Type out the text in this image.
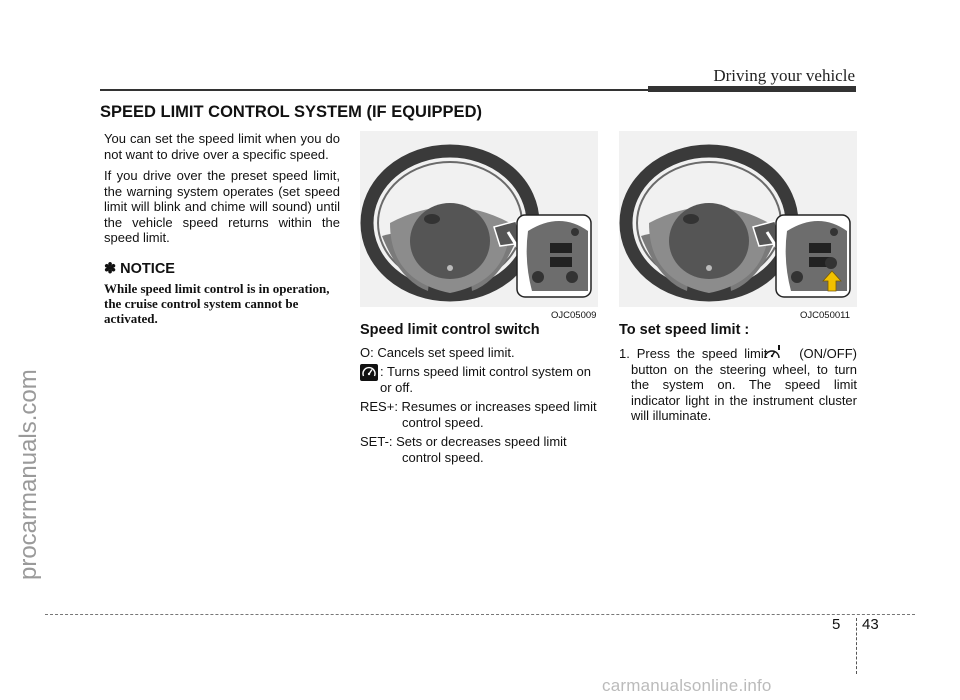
procarmanuals.com
Driving your vehicle
SPEED LIMIT CONTROL SYSTEM (IF EQUIPPED)

You can set the speed limit when you do not want to drive over a specific speed.

If you drive over the preset speed limit, the warning system operates (set speed limit will blink and chime will sound) until the vehicle speed returns within the speed limit.

✽ NOTICE
While speed limit control is in operation, the cruise control system cannot be activated.	OJC05009	OJC050011
Speed limit control switch
O: Cancels set speed limit.
: Turns speed limit control system on or off.
RES+: Resumes or increases speed limit control speed.
SET-: Sets or decreases speed limit control speed.
To set speed limit :

1. Press the speed limit (ON/OFF) button on the steering wheel, to turn the system on. The speed limit indicator light in the instrument cluster will illuminate.

5 43
carmanualsonline.info
